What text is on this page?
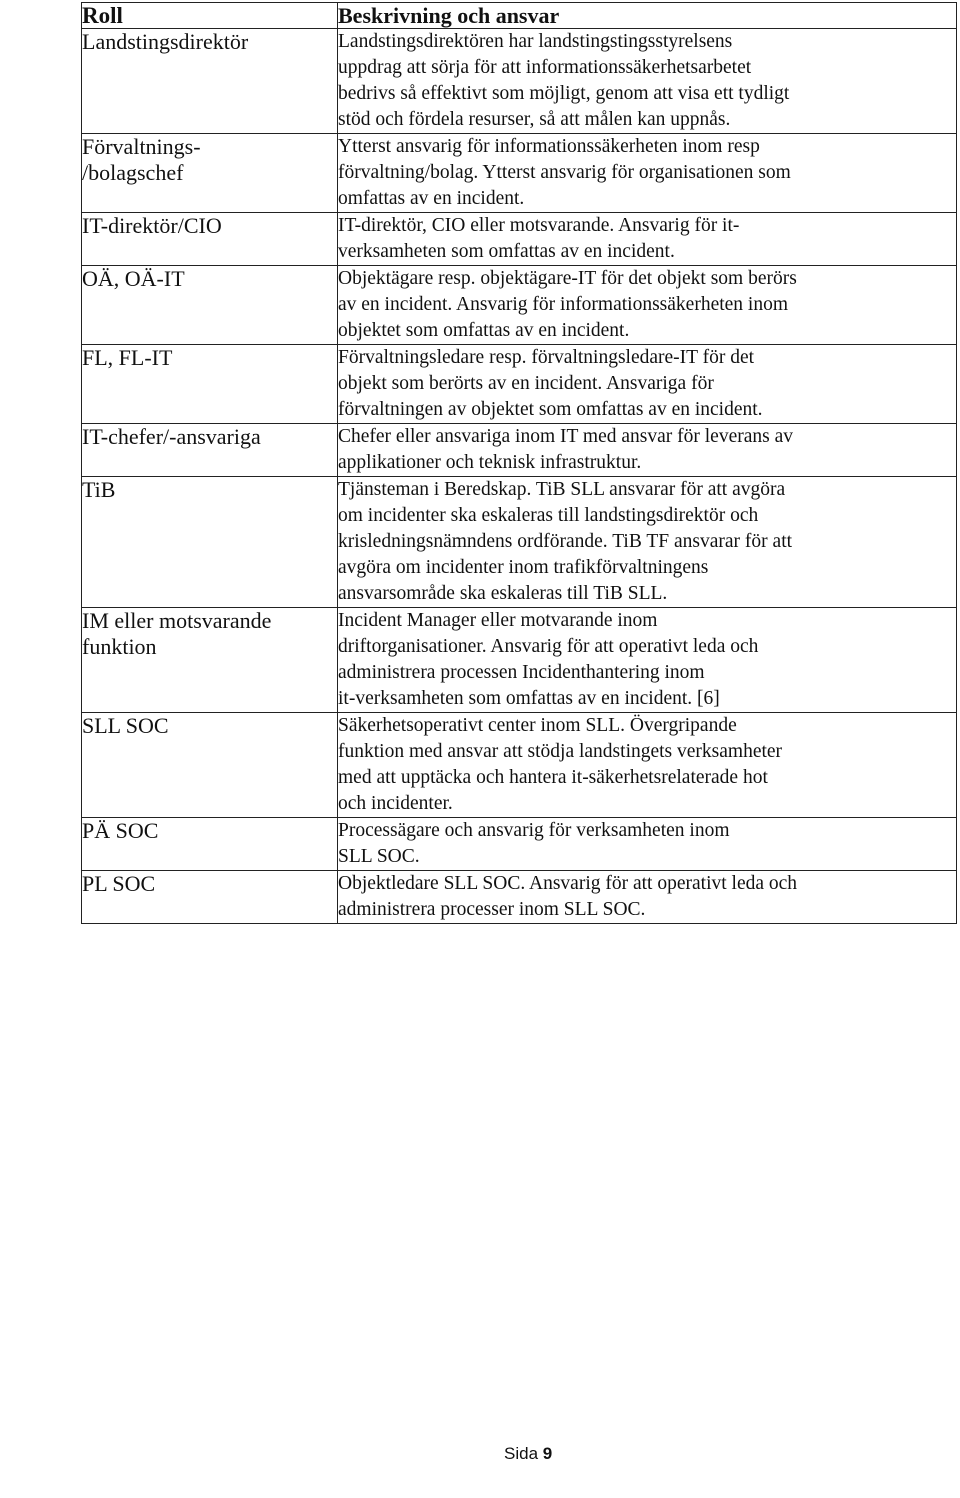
Roll	Beskrivning och ansvar

Landstingsdirektör	Landstingsdirektören har landstingstingsstyrelsens
uppdrag att sörja för att informationssäkerhetsarbetet
bedrivs så effektivt som möjligt, genom att visa ett tydligt
stöd och fördela resurser, så att målen kan uppnås.

Förvaltnings-
/bolagschef	Ytterst ansvarig för informationssäkerheten inom resp
förvaltning/bolag. Ytterst ansvarig för organisationen som
omfattas av en incident.

IT-direktör/CIO	IT-direktör, CIO eller motsvarande. Ansvarig för it-
verksamheten som omfattas av en incident.

OÄ, OÄ-IT	Objektägare resp. objektägare-IT för det objekt som berörs
av en incident. Ansvarig för informationssäkerheten inom
objektet som omfattas av en incident.

FL, FL-IT	Förvaltningsledare resp. förvaltningsledare-IT för det
objekt som berörts av en incident. Ansvariga för
förvaltningen av objektet som omfattas av en incident.

IT-chefer/-ansvariga	Chefer eller ansvariga inom IT med ansvar för leverans av
applikationer och teknisk infrastruktur.

TiB	Tjänsteman i Beredskap. TiB SLL ansvarar för att avgöra
om incidenter ska eskaleras till landstingsdirektör och
krisledningsnämndens ordförande. TiB TF ansvarar för att
avgöra om incidenter inom trafikförvaltningens
ansvarsområde ska eskaleras till TiB SLL.

IM eller motsvarande
funktion	Incident Manager eller motvarande inom
driftorganisationer. Ansvarig för att operativt leda och
administrera processen Incidenthantering inom
it-verksamheten som omfattas av en incident. [6]

SLL SOC	Säkerhetsoperativt center inom SLL. Övergripande
funktion med ansvar att stödja landstingets verksamheter
med att upptäcka och hantera it-säkerhetsrelaterade hot
och incidenter.

PÄ SOC	Processägare och ansvarig för verksamheten inom
SLL SOC.

PL SOC	Objektledare SLL SOC. Ansvarig för att operativt leda och
administrera processer inom SLL SOC.
Sida 9
